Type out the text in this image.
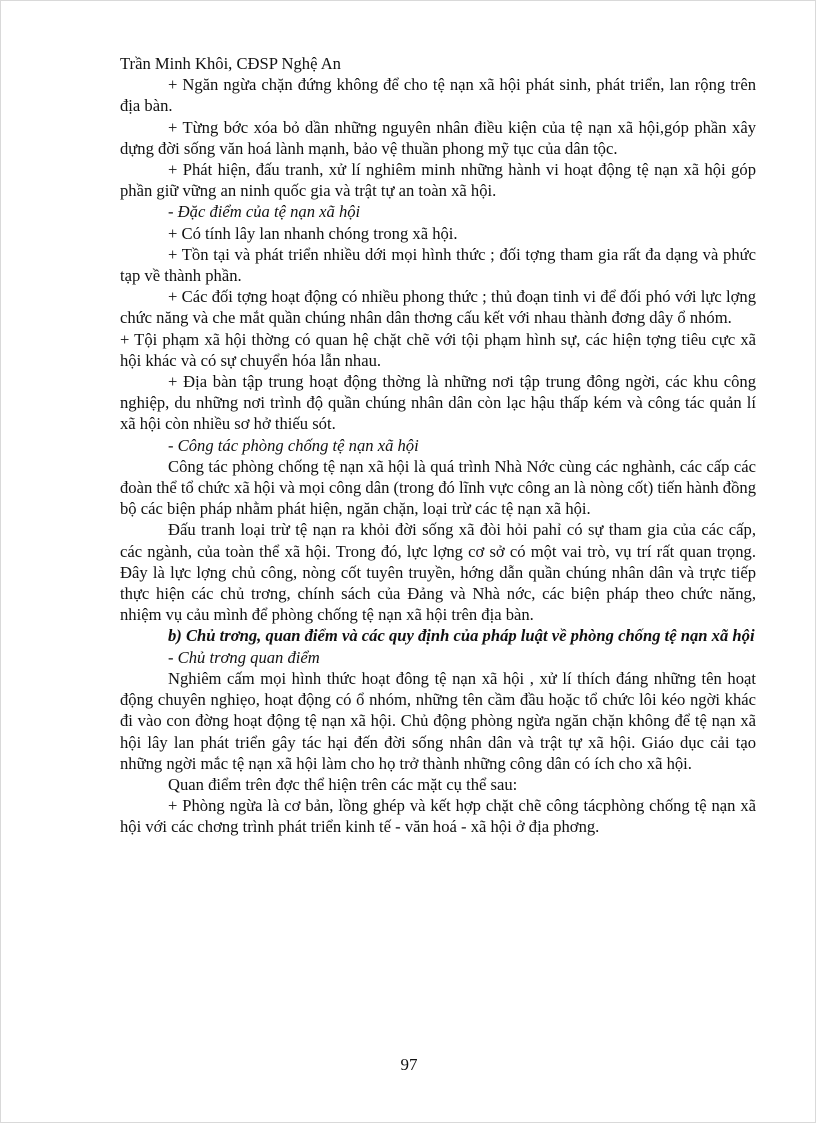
Trần Minh Khôi, CĐSP Nghệ An

+ Ngăn ngừa chặn đứng không để cho tệ nạn xã hội phát sinh, phát triển, lan rộng trên địa bàn.

+ Từng bớc xóa bỏ dần những nguyên nhân điều kiện của tệ nạn xã hội,góp phần xây dựng đời sống văn hoá lành mạnh, bảo vệ thuần phong mỹ tục của dân tộc.

+ Phát hiện, đấu tranh, xử lí nghiêm minh những hành vi hoạt động tệ nạn xã hội góp phần giữ vững an ninh quốc gia và trật tự an toàn xã hội.

- Đặc điểm của tệ nạn xã hội

+ Có tính lây lan nhanh chóng trong xã hội.

+ Tồn tại và phát triển nhiều dới mọi hình thức ; đối tợng tham gia rất đa dạng và phức tạp về thành phần.

+ Các đối tợng hoạt động có nhiều phong thức ; thủ đoạn tinh vi để đối phó với lực lợng chức năng và che mắt quần chúng nhân dân thơng cấu kết với nhau thành đơng dây ổ nhóm.

+ Tội phạm xã hội thờng có quan hệ chặt chẽ với tội phạm hình sự, các hiện tợng tiêu cực xã hội khác và có sự chuyển hóa lẫn nhau.

+ Địa bàn tập trung hoạt động thờng là những nơi tập trung đông ngời, các khu công nghiệp, du những nơi trình độ quần chúng nhân dân còn lạc hậu thấp kém và công tác quản lí xã hội còn nhiều sơ hở thiếu sót.

- Công tác phòng chống tệ nạn xã hội

Công tác phòng chống tệ nạn xã hội là quá trình Nhà Nớc cùng các nghành, các cấp các đoàn thể tổ chức xã hội và mọi công dân (trong đó lĩnh vực công an là nòng cốt) tiến hành đồng bộ các biện pháp nhằm phát hiện, ngăn chặn, loại trừ các tệ nạn xã hội.

Đấu tranh loại trừ tệ nạn ra khỏi đời sống xã đòi hỏi pahỉ có sự tham gia của các cấp, các ngành, của toàn thể xã hội. Trong đó, lực lợng cơ sở có một vai trò, vụ trí rất quan trọng. Đây là lực lợng chủ công, nòng cốt tuyên truyền, hớng dẫn quần chúng nhân dân và trực tiếp thực hiện các chủ trơng, chính sách của Đảng và Nhà nớc, các biện pháp theo chức năng, nhiệm vụ cảu mình để phòng chống tệ nạn xã hội trên địa bàn.

b) Chủ trơng, quan điểm và các quy định của pháp luật về phòng chống tệ nạn xã hội

- Chủ trơng quan điểm

Nghiêm cấm mọi hình thức hoạt đông tệ nạn xã hội , xử lí thích đáng những tên hoạt động chuyên nghiẹo, hoạt động có ổ nhóm, những tên cầm đầu hoặc tổ chức lôi kéo ngời khác đi vào con đờng hoạt động tệ nạn xã hội. Chủ động phòng ngừa ngăn chặn không để tệ nạn xã hội lây lan phát triển gây tác hại đến đời sống nhân dân và trật tự xã hội. Giáo dục cải tạo những ngời mắc tệ nạn xã hội làm cho họ trở thành những công dân có ích cho xã hội.

Quan điểm trên đợc thể hiện trên các mặt cụ thể sau:

+ Phòng ngừa là cơ bản, lồng ghép và kết hợp chặt chẽ công tácphòng chống tệ nạn xã hội với các chơng trình phát triển kinh tế - văn hoá - xã hội ở địa phơng.

97
